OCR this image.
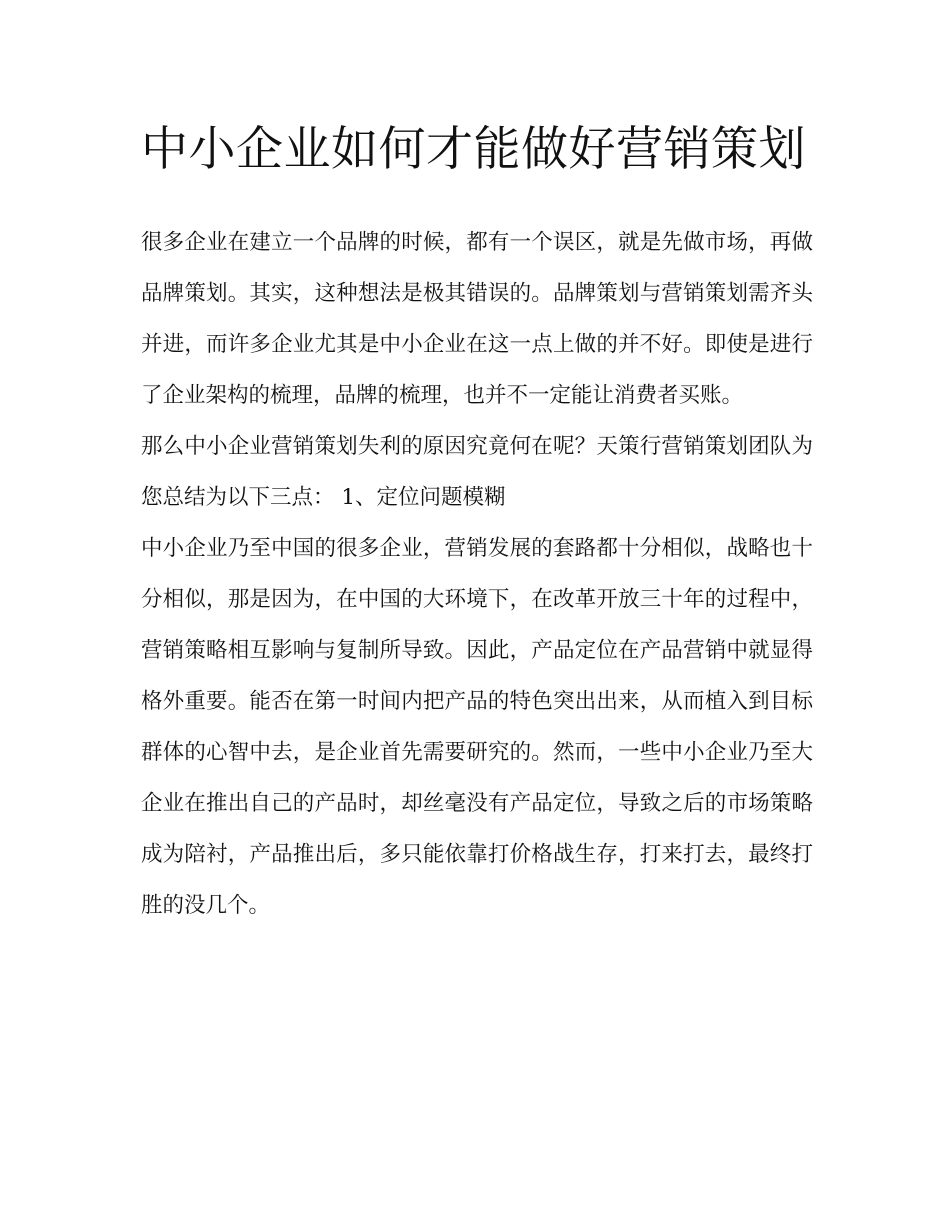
中小企业如何才能做好营销策划

很多企业在建立一个品牌的时候，都有一个误区，就是先做市场，再做品牌策划。其实，这种想法是极其错误的。品牌策划与营销策划需齐头并进，而许多企业尤其是中小企业在这一点上做的并不好。即使是进行了企业架构的梳理，品牌的梳理，也并不一定能让消费者买账。

那么中小企业营销策划失利的原因究竟何在呢？天策行营销策划团队为您总结为以下三点： 1、定位问题模糊

中小企业乃至中国的很多企业，营销发展的套路都十分相似，战略也十分相似，那是因为，在中国的大环境下，在改革开放三十年的过程中，营销策略相互影响与复制所导致。因此，产品定位在产品营销中就显得格外重要。能否在第一时间内把产品的特色突出出来，从而植入到目标群体的心智中去，是企业首先需要研究的。然而，一些中小企业乃至大企业在推出自己的产品时，却丝毫没有产品定位，导致之后的市场策略成为陪衬，产品推出后，多只能依靠打价格战生存，打来打去，最终打胜的没几个。
